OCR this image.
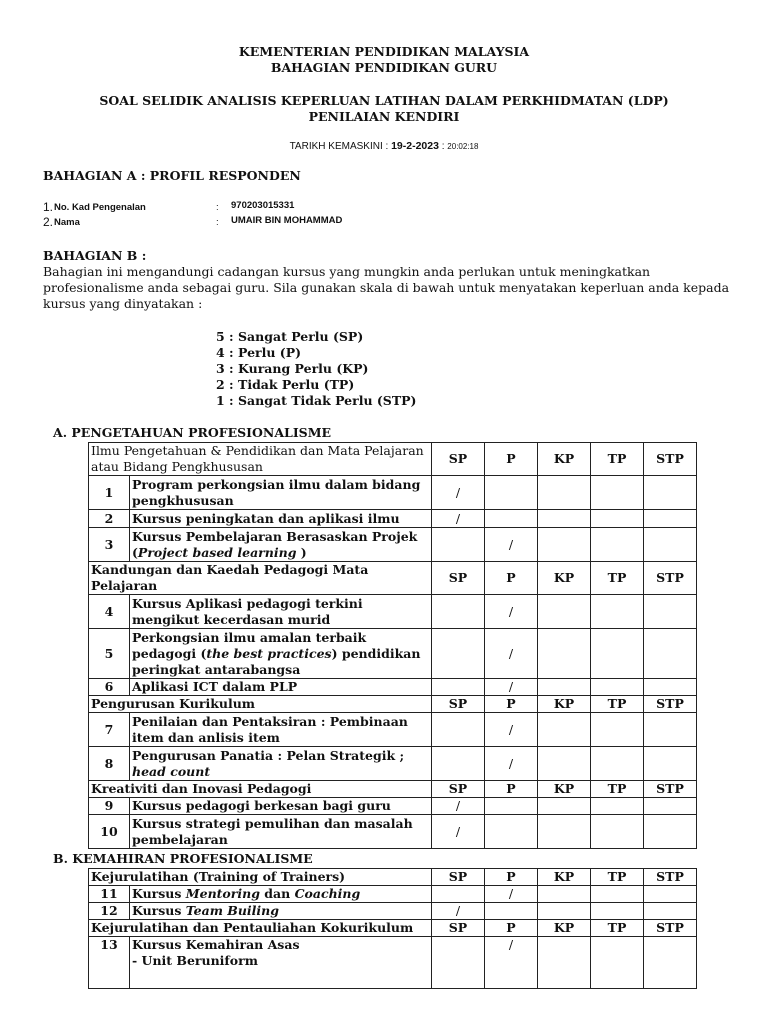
KEMENTERIAN PENDIDIKAN MALAYSIA
BAHAGIAN PENDIDIKAN GURU
SOAL SELIDIK ANALISIS KEPERLUAN LATIHAN DALAM PERKHIDMATAN (LDP)
PENILAIAN KENDIRI
TARIKH KEMASKINI : 19-2-2023 : 20:02:18
BAHAGIAN A : PROFIL RESPONDEN
1. No. Kad Pengenalan	: 970203015331
2. Nama	: UMAIR BIN MOHAMMAD
BAHAGIAN B :
Bahagian ini mengandungi cadangan kursus yang mungkin anda perlukan untuk meningkatkan profesionalisme anda sebagai guru. Sila gunakan skala di bawah untuk menyatakan keperluan anda kepada kursus yang dinyatakan :
5 : Sangat Perlu (SP)
4 : Perlu (P)
3 : Kurang Perlu (KP)
2 : Tidak Perlu (TP)
1 : Sangat Tidak Perlu (STP)
A. PENGETAHUAN PROFESIONALISME
Ilmu Pengetahuan & Pendidikan dan Mata Pelajaran atau Bidang Pengkhususan		SP	P	KP	TP	STP
1	Program perkongsian ilmu dalam bidang pengkhususan	/				
2	Kursus peningkatan dan aplikasi ilmu	/				
3	Kursus Pembelajaran Berasaskan Projek (Project based learning )		/			
Kandungan dan Kaedah Pedagogi Mata Pelajaran		SP	P	KP	TP	STP
4	Kursus Aplikasi pedagogi terkini mengikut kecerdasan murid		/			
5	Perkongsian ilmu amalan terbaik pedagogi (the best practices) pendidikan peringkat antarabangsa		/			
6	Aplikasi ICT dalam PLP		/			
Pengurusan Kurikulum		SP	P	KP	TP	STP
7	Penilaian dan Pentaksiran : Pembinaan item dan anlisis item		/			
8	Pengurusan Panatia : Pelan Strategik ; head count		/			
Kreativiti dan Inovasi Pedagogi		SP	P	KP	TP	STP
9	Kursus pedagogi berkesan bagi guru	/				
10	Kursus strategi pemulihan dan masalah pembelajaran	/				
B. KEMAHIRAN PROFESIONALISME
Kejurulatihan (Training of Trainers)		SP	P	KP	TP	STP
11	Kursus Mentoring dan Coaching		/			
12	Kursus Team Builing	/				
Kejurulatihan dan Pentauliahan Kokurikulum		SP	P	KP	TP	STP
13	Kursus Kemahiran Asas
- Unit Beruniform		/			
